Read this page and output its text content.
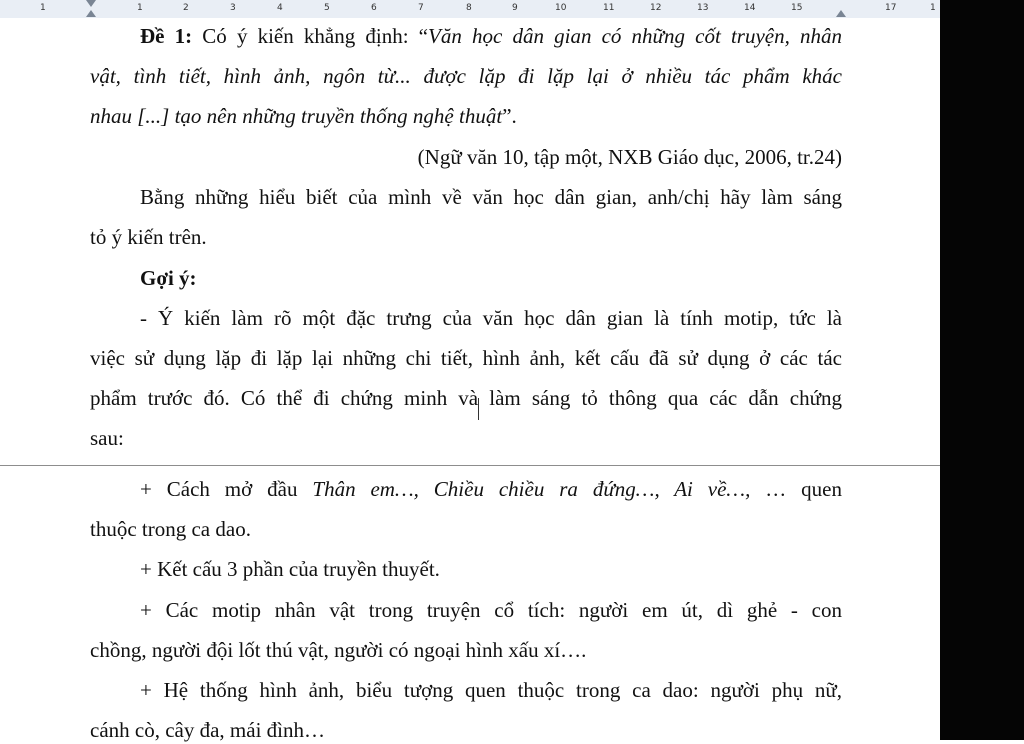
1	1	2	3	4	5	6	7	8	9	10	11	12	13	14	15	17	1
Đề 1: Có ý kiến khẳng định: “Văn học dân gian có những cốt truyện, nhân
vật, tình tiết, hình ảnh, ngôn từ... được lặp đi lặp lại ở nhiều tác phẩm khác
nhau [...] tạo nên những truyền thống nghệ thuật”.
(Ngữ văn 10, tập một, NXB Giáo dục, 2006, tr.24)
Bằng những hiểu biết của mình về văn học dân gian, anh/chị hãy làm sáng
tỏ ý kiến trên.
Gợi ý:
- Ý kiến làm rõ một đặc trưng của văn học dân gian là tính motip, tức là
việc sử dụng lặp đi lặp lại những chi tiết, hình ảnh, kết cấu đã sử dụng ở các tác
phẩm trước đó. Có thể đi chứng minh và làm sáng tỏ thông qua các dẫn chứng
sau:
+ Cách mở đầu Thân em…, Chiều chiều ra đứng…, Ai về…, … quen
thuộc trong ca dao.
+ Kết cấu 3 phần của truyền thuyết.
+ Các motip nhân vật trong truyện cổ tích: người em út, dì ghẻ - con
chồng, người đội lốt thú vật, người có ngoại hình xấu xí….
+ Hệ thống hình ảnh, biểu tượng quen thuộc trong ca dao: người phụ nữ,
cánh cò, cây đa, mái đình…
